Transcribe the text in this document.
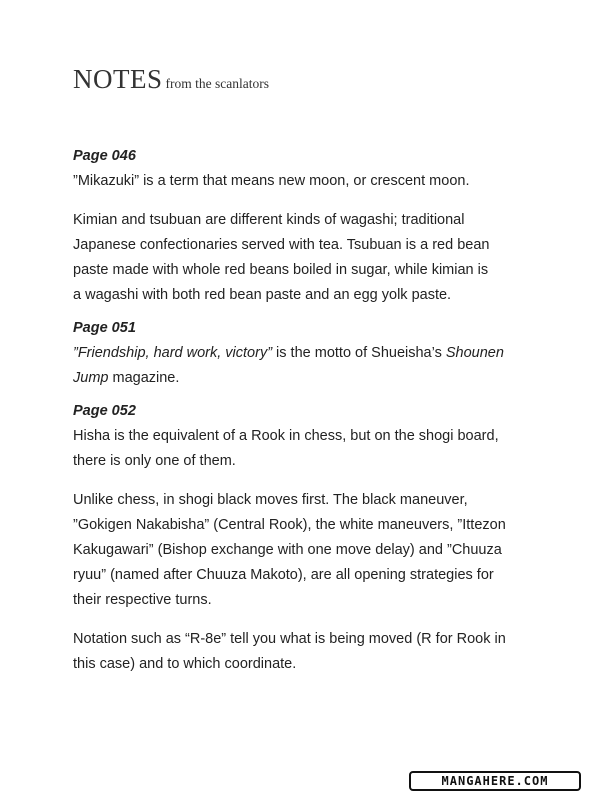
NOTES from the scanlators

Page 046

”Mikazuki” is a term that means new moon, or crescent moon.

Kimian and tsubuan are different kinds of wagashi; traditional

Japanese confectionaries served with tea. Tsubuan is a red bean

paste made with whole red beans boiled in sugar, while kimian is

a wagashi with both red bean paste and an egg yolk paste.

Page 051

”Friendship, hard work, victory” is the motto of Shueisha’s Shounen

Jump magazine.

Page 052

Hisha is the equivalent of a Rook in chess, but on the shogi board,

there is only one of them.

Unlike chess, in shogi black moves first. The black maneuver,

”Gokigen Nakabisha” (Central Rook), the white maneuvers, ”Ittezon

Kakugawari” (Bishop exchange with one move delay) and ”Chuuza

ryuu” (named after Chuuza Makoto), are all opening strategies for

their respective turns.

Notation such as “R-8e” tell you what is being moved (R for Rook in

this case) and to which coordinate.

MANGAHERE.COM
